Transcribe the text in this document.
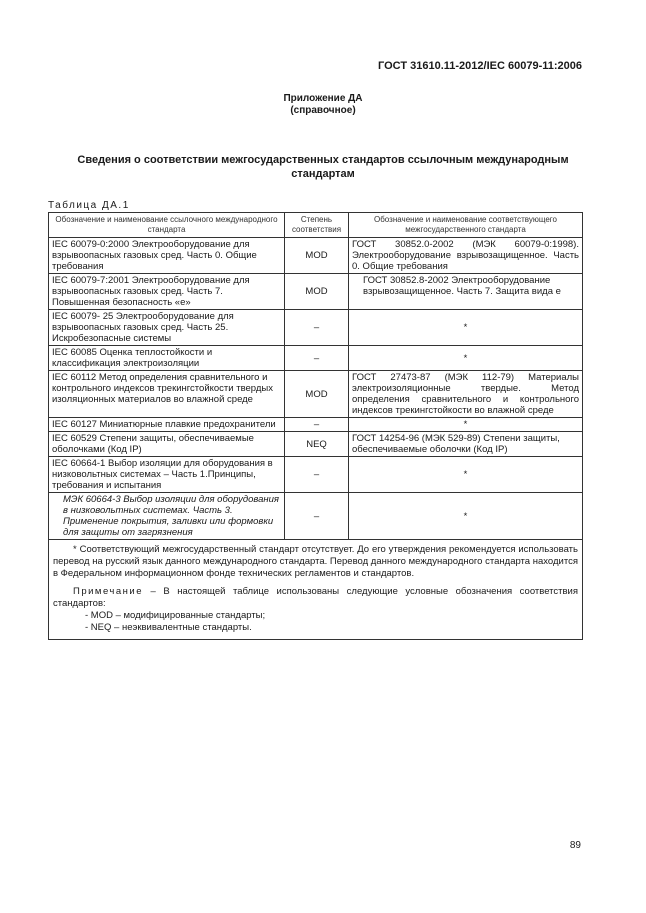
ГОСТ 31610.11-2012/IEC 60079-11:2006
Приложение ДА
(справочное)
Сведения о соответствии межгосударственных стандартов ссылочным международным стандартам
Таблица ДА.1
Обозначение и наименование ссылочного международного стандарта	Степень соответствия	Обозначение и наименование соответствующего межгосударственного стандарта
IEC 60079-0:2000 Электрооборудование для взрывоопасных газовых сред. Часть 0. Общие требования	MOD	ГОСТ 30852.0-2002 (МЭК 60079-0:1998). Электрооборудование взрывозащищенное. Часть 0. Общие требования
IEC 60079-7:2001 Электрооборудование для взрывоопасных газовых сред. Часть 7. Повышенная безопасность «е»	MOD	ГОСТ 30852.8-2002 Электрооборудование взрывозащищенное. Часть 7. Защита вида е
IEC 60079- 25 Электрооборудование для взрывоопасных газовых сред. Часть 25. Искробезопасные системы	–	*
IEC 60085 Оценка теплостойкости и классификация электроизоляции	–	*
IEC 60112 Метод определения сравнительного и контрольного индексов трекингстойкости твердых изоляционных материалов во влажной среде	MOD	ГОСТ 27473-87 (МЭК 112-79) Материалы электроизоляционные твердые. Метод определения сравнительного и контрольного индексов трекингстойкости во влажной среде
IEC 60127 Миниатюрные плавкие предохранители	–	*
IEC 60529 Степени защиты, обеспечиваемые оболочками (Код IP)	NEQ	ГОСТ 14254-96 (МЭК 529-89) Степени защиты, обеспечиваемые оболочки (Код IP)
IEC 60664-1 Выбор изоляции для оборудования в низковольтных системах – Часть 1.Принципы, требования и испытания	–	*
МЭК 60664-3 Выбор изоляции для оборудования в низковольтных системах. Часть 3. Применение покрытия, заливки или формовки для защиты от загрязнения	–	*

* Соответствующий межгосударственный стандарт отсутствует. До его утверждения рекомендуется использовать перевод на русский язык данного международного стандарта. Перевод данного международного стандарта находится в Федеральном информационном фонде технических регламентов и стандартов.

Примечание – В настоящей таблице использованы следующие условные обозначения соответствия стандартов:

- MOD – модифицированные стандарты;
- NEQ – неэквивалентные стандарты.		
89
